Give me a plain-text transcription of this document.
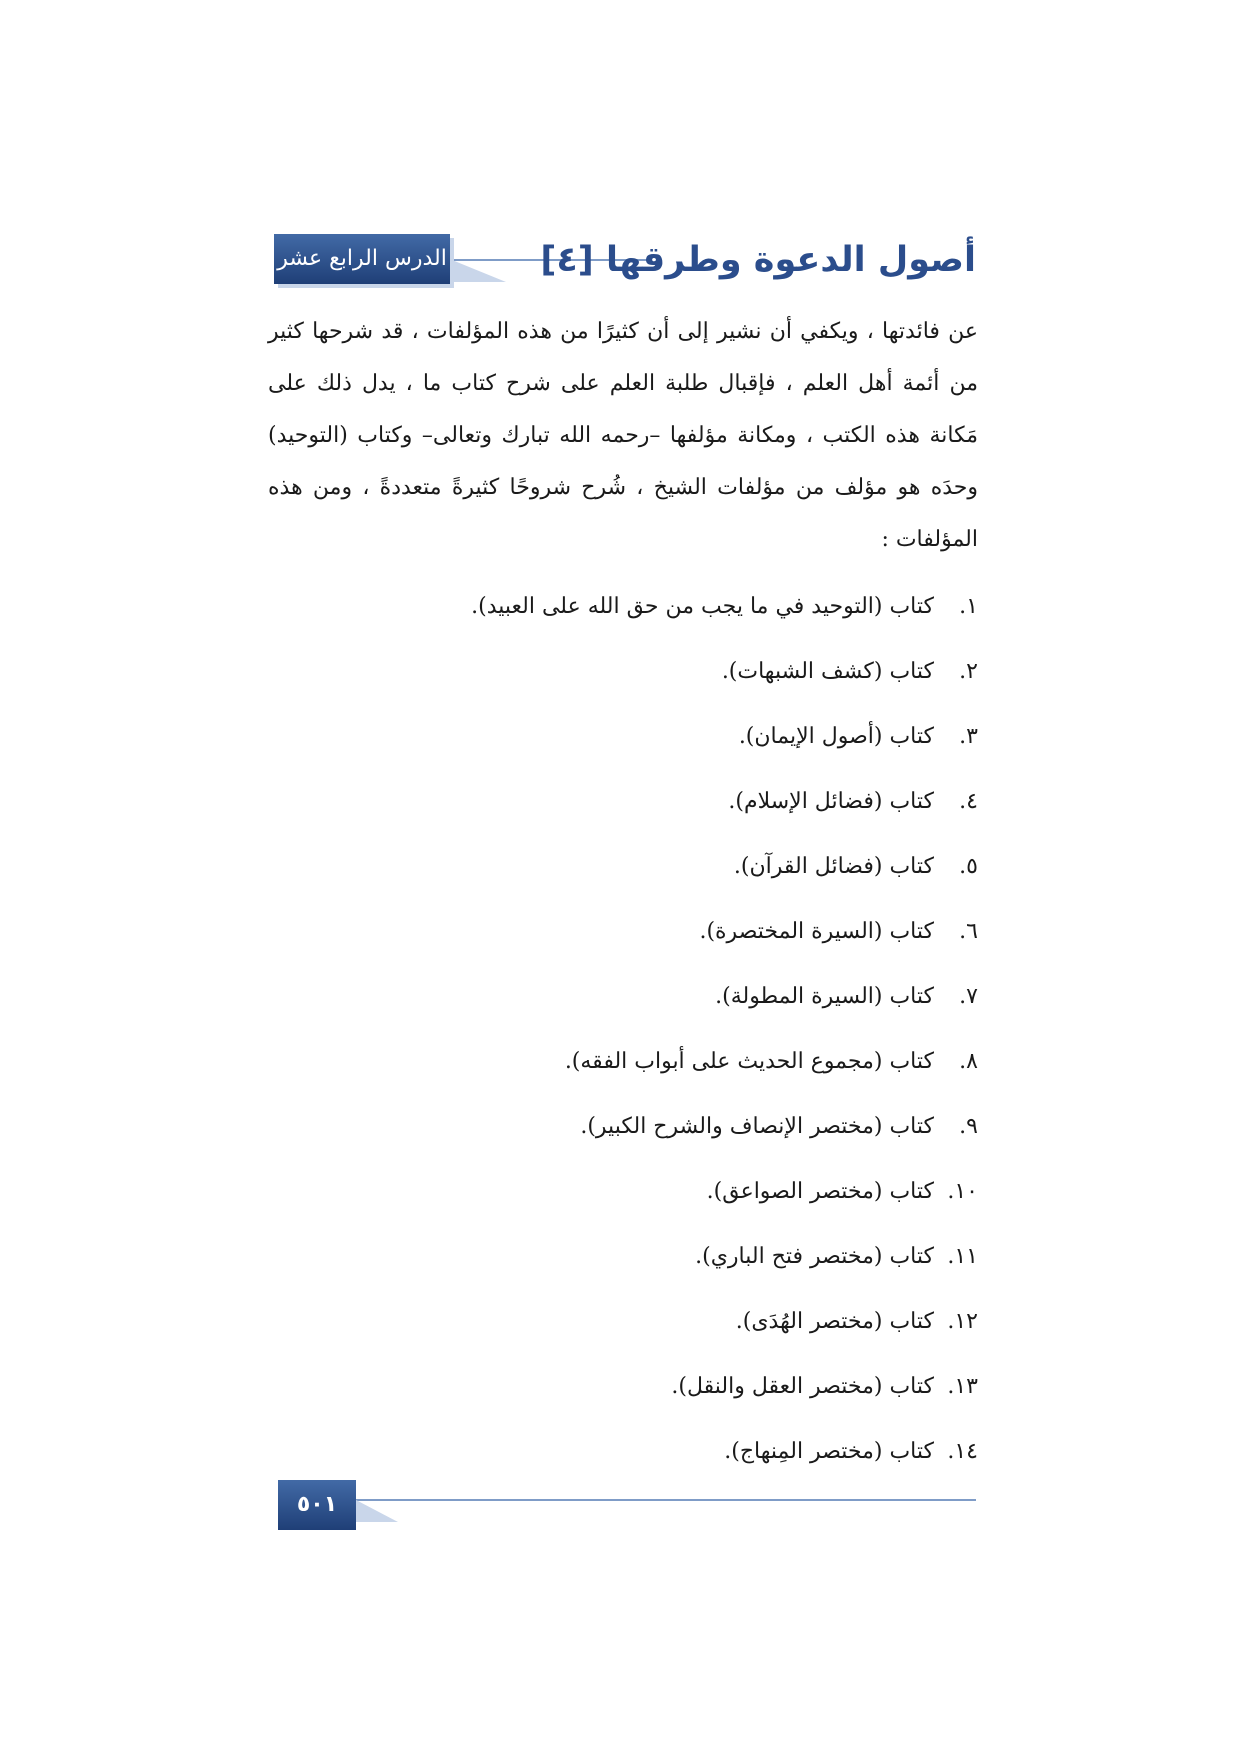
الدرس الرابع عشر	أصول الدعوة وطرقها [٤]

عن فائدتها ، ويكفي أن نشير إلى أن كثيرًا من هذه المؤلفات ، قد شرحها كثير من أئمة أهل العلم ، فإقبال طلبة العلم على شرح كتاب ما ، يدل ذلك على مَكانة هذه الكتب ، ومكانة مؤلفها –رحمه الله تبارك وتعالى– وكتاب (التوحيد) وحدَه هو مؤلف من مؤلفات الشيخ ، شُرح شروحًا كثيرةً متعددةً ، ومن هذه المؤلفات :

١.
كتاب (التوحيد في ما يجب من حق الله على العبيد).
٢.
كتاب (كشف الشبهات).
٣.
كتاب (أصول الإيمان).
٤.
كتاب (فضائل الإسلام).
٥.
كتاب (فضائل القرآن).
٦.
كتاب (السيرة المختصرة).
٧.
كتاب (السيرة المطولة).
٨.
كتاب (مجموع الحديث على أبواب الفقه).
٩.
كتاب (مختصر الإنصاف والشرح الكبير).
١٠.
كتاب (مختصر الصواعق).
١١.
كتاب (مختصر فتح الباري).
١٢.
كتاب (مختصر الهُدَى).
١٣.
كتاب (مختصر العقل والنقل).
١٤.
كتاب (مختصر المِنهاج).
٥٠١
